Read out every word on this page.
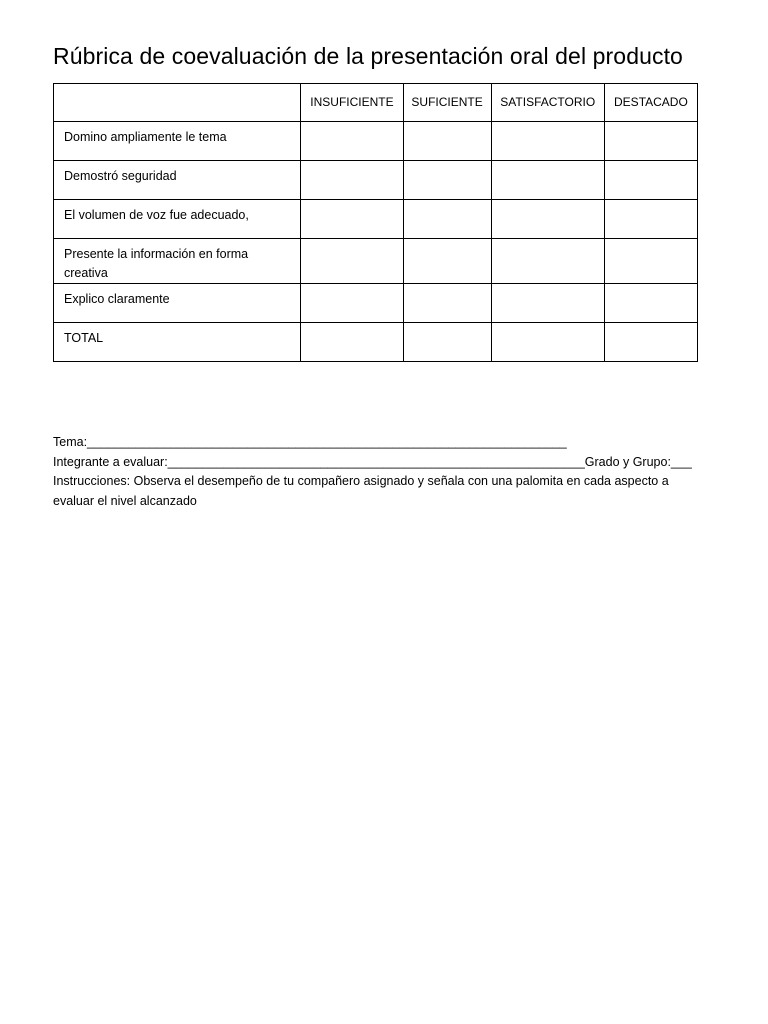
Rúbrica de coevaluación de la presentación oral del producto
	INSUFICIENTE	SUFICIENTE	SATISFACTORIO	DESTACADO
Domino ampliamente le tema				
Demostró seguridad				
El volumen de voz fue adecuado,				
Presente la información en forma creativa				
Explico claramente				
TOTAL				
Tema:_____________________________________________________________________
Integrante a evaluar:____________________________________________________________Grado y Grupo:___
Instrucciones: Observa el desempeño de tu compañero asignado y señala con una palomita en cada aspecto a evaluar el nivel alcanzado
